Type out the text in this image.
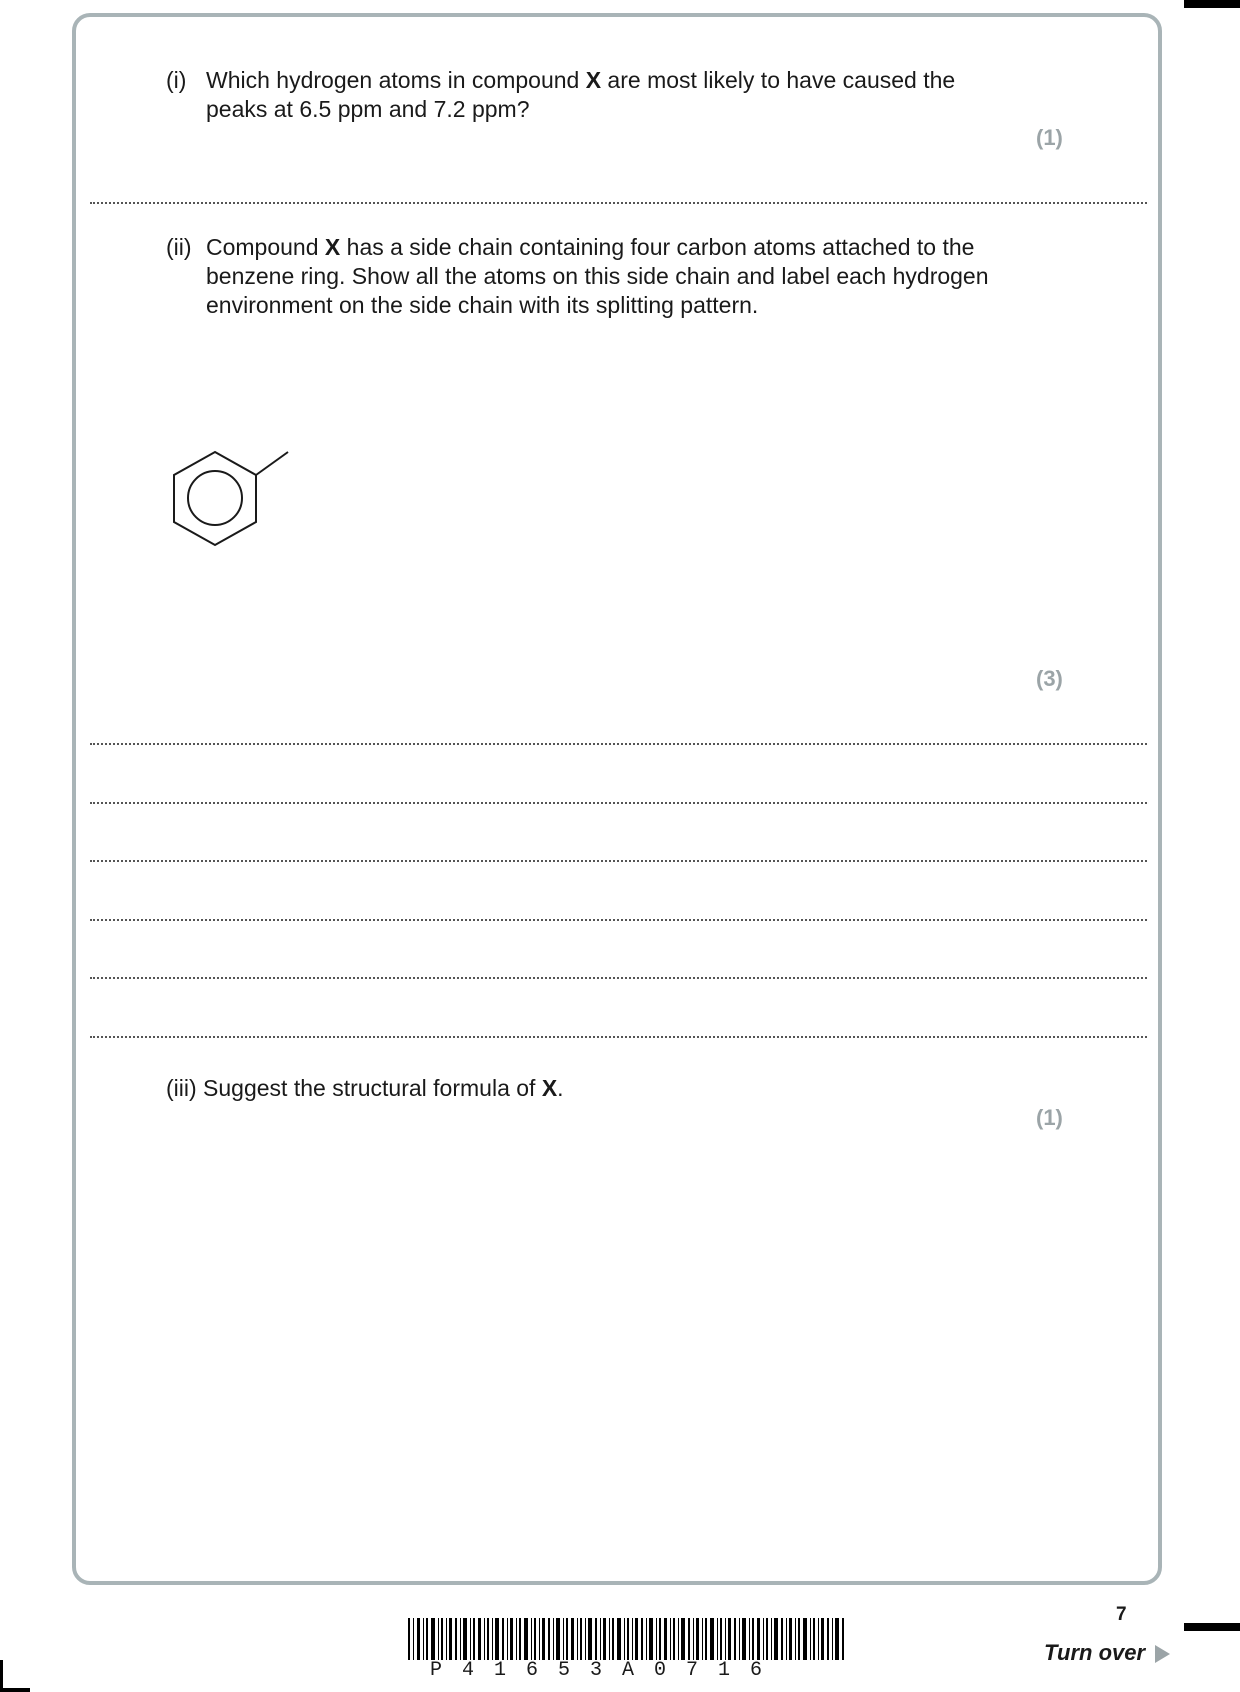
(i) Which hydrogen atoms in compound X are most likely to have caused the
peaks at 6.5 ppm and 7.2 ppm?
(1)
(ii) Compound X has a side chain containing four carbon atoms attached to the
benzene ring. Show all the atoms on this side chain and label each hydrogen
environment on the side chain with its splitting pattern.
(3)
(iii) Suggest the structural formula of X.
(1)
P41653A0716
7
Turn over
